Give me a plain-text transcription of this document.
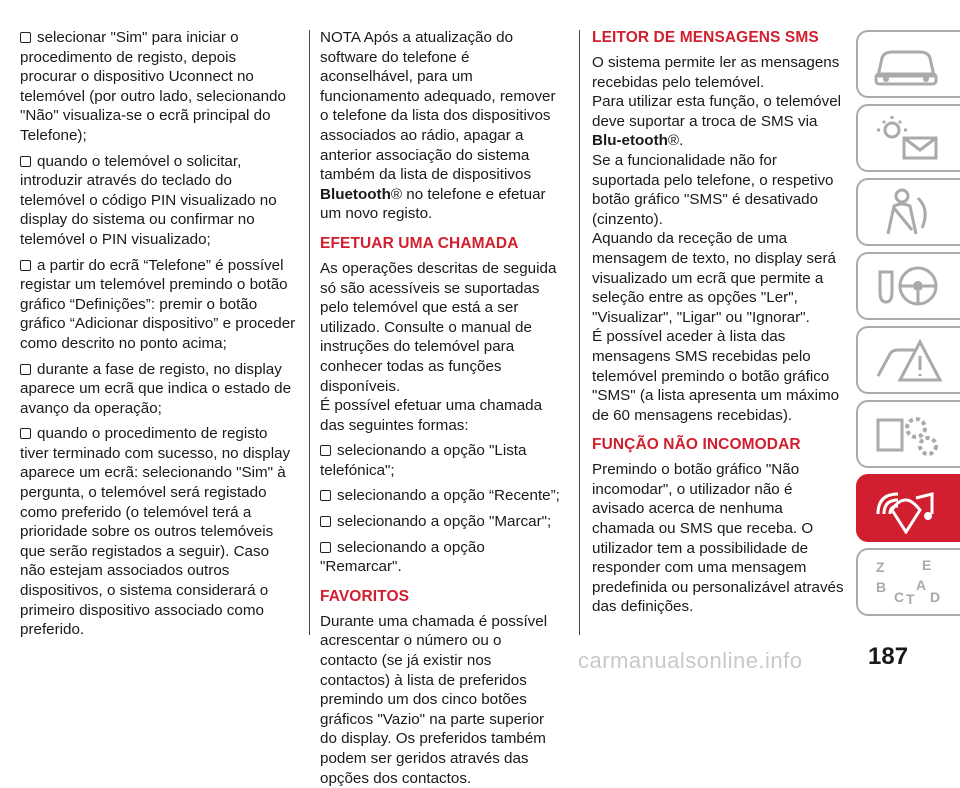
selecionar "Sim" para iniciar o procedimento de registo, depois procurar o dispositivo Uconnect no telemóvel (por outro lado, selecionando "Não" visualiza-se o ecrã principal do Telefone);

quando o telemóvel o solicitar, introduzir através do teclado do telemóvel o código PIN visualizado no display do sistema ou confirmar no telemóvel o PIN visualizado;

a partir do ecrã “Telefone” é possível registar um telemóvel premindo o botão gráfico “Definições”: premir o botão gráfico “Adicionar dispositivo” e proceder como descrito no ponto acima;

durante a fase de registo, no display aparece um ecrã que indica o estado de avanço da operação;

quando o procedimento de registo tiver terminado com sucesso, no display aparece um ecrã: selecionando "Sim" à pergunta, o telemóvel será registado como preferido (o telemóvel terá a prioridade sobre os outros telemóveis que serão registados a seguir). Caso não estejam associados outros dispositivos, o sistema considerará o primeiro dispositivo associado como preferido.

NOTA Após a atualização do software do telefone é aconselhável, para um funcionamento adequado, remover o telefone da lista dos dispositivos associados ao rádio, apagar a anterior associação do sistema também da lista de dispositivos Bluetooth® no telefone e efetuar um novo registo.

EFETUAR UMA CHAMADA

As operações descritas de seguida só são acessíveis se suportadas pelo telemóvel que está a ser utilizado. Consulte o manual de instruções do telemóvel para conhecer todas as funções disponíveis.

É possível efetuar uma chamada das seguintes formas:

selecionando a opção "Lista telefónica";

selecionando a opção “Recente”;

selecionando a opção "Marcar";

selecionando a opção "Remarcar".

FAVORITOS

Durante uma chamada é possível acrescentar o número ou o contacto (se já existir nos contactos) à lista de preferidos premindo um dos cinco botões gráficos "Vazio" na parte superior do display. Os preferidos também podem ser geridos através das opções dos contactos.

LEITOR DE MENSAGENS SMS

O sistema permite ler as mensagens recebidas pelo telemóvel.

Para utilizar esta função, o telemóvel deve suportar a troca de SMS via Blu-etooth®.

Se a funcionalidade não for suportada pelo telefone, o respetivo botão gráfico "SMS" é desativado (cinzento).

Aquando da receção de uma mensagem de texto, no display será visualizado um ecrã que permite a seleção entre as opções "Ler", "Visualizar", "Ligar" ou "Ignorar".

É possível aceder à lista das mensagens SMS recebidas pelo telemóvel premindo o botão gráfico "SMS" (a lista apresenta um máximo de 60 mensagens recebidas).

FUNÇÃO NÃO INCOMODAR

Premindo o botão gráfico "Não incomodar", o utilizador não é avisado acerca de nenhuma chamada ou SMS que receba. O utilizador tem a possibilidade de responder com uma mensagem predefinida ou personalizável através das definições.

Z	E
B A
C T D
carmanualsonline.info	187
